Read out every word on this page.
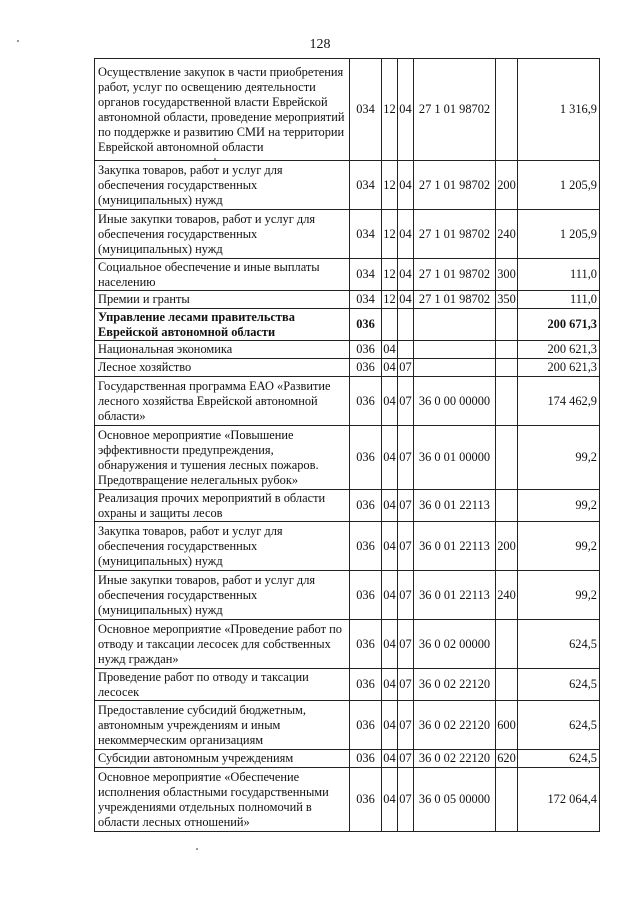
128
Осуществление закупок в части приобретения работ, услуг по освещению деятельности органов государственной власти Еврейской автономной области, проведение мероприятий по поддержке и развитию СМИ на территории Еврейской автономной области	034	12	04	27 1 01 98702		1 316,9
Закупка товаров, работ и услуг для обеспечения государственных (муниципальных) нужд	034	12	04	27 1 01 98702	200	1 205,9
Иные закупки товаров, работ и услуг для обеспечения государственных (муниципальных) нужд	034	12	04	27 1 01 98702	240	1 205,9
Социальное обеспечение и иные выплаты населению	034	12	04	27 1 01 98702	300	111,0
Премии и гранты	034	12	04	27 1 01 98702	350	111,0
Управление лесами правительства Еврейской автономной области	036					200 671,3
Национальная экономика	036	04				200 621,3
Лесное хозяйство	036	04	07			200 621,3
Государственная программа ЕАО «Развитие лесного хозяйства Еврейской автономной области»	036	04	07	36 0 00 00000		174 462,9
Основное мероприятие «Повышение эффективности предупреждения, обнаружения и тушения лесных пожаров. Предотвращение нелегальных рубок»	036	04	07	36 0 01 00000		99,2
Реализация прочих мероприятий в области охраны и защиты лесов	036	04	07	36 0 01 22113		99,2
Закупка товаров, работ и услуг для обеспечения государственных (муниципальных) нужд	036	04	07	36 0 01 22113	200	99,2
Иные закупки товаров, работ и услуг для обеспечения государственных (муниципальных) нужд	036	04	07	36 0 01 22113	240	99,2
Основное мероприятие «Проведение работ по отводу и таксации лесосек для собственных нужд граждан»	036	04	07	36 0 02 00000		624,5
Проведение работ по отводу и таксации лесосек	036	04	07	36 0 02 22120		624,5
Предоставление субсидий бюджетным, автономным учреждениям и иным некоммерческим организациям	036	04	07	36 0 02 22120	600	624,5
Субсидии автономным учреждениям	036	04	07	36 0 02 22120	620	624,5
Основное мероприятие «Обеспечение исполнения областными государственными учреждениями отдельных полномочий в области лесных отношений»	036	04	07	36 0 05 00000		172 064,4
